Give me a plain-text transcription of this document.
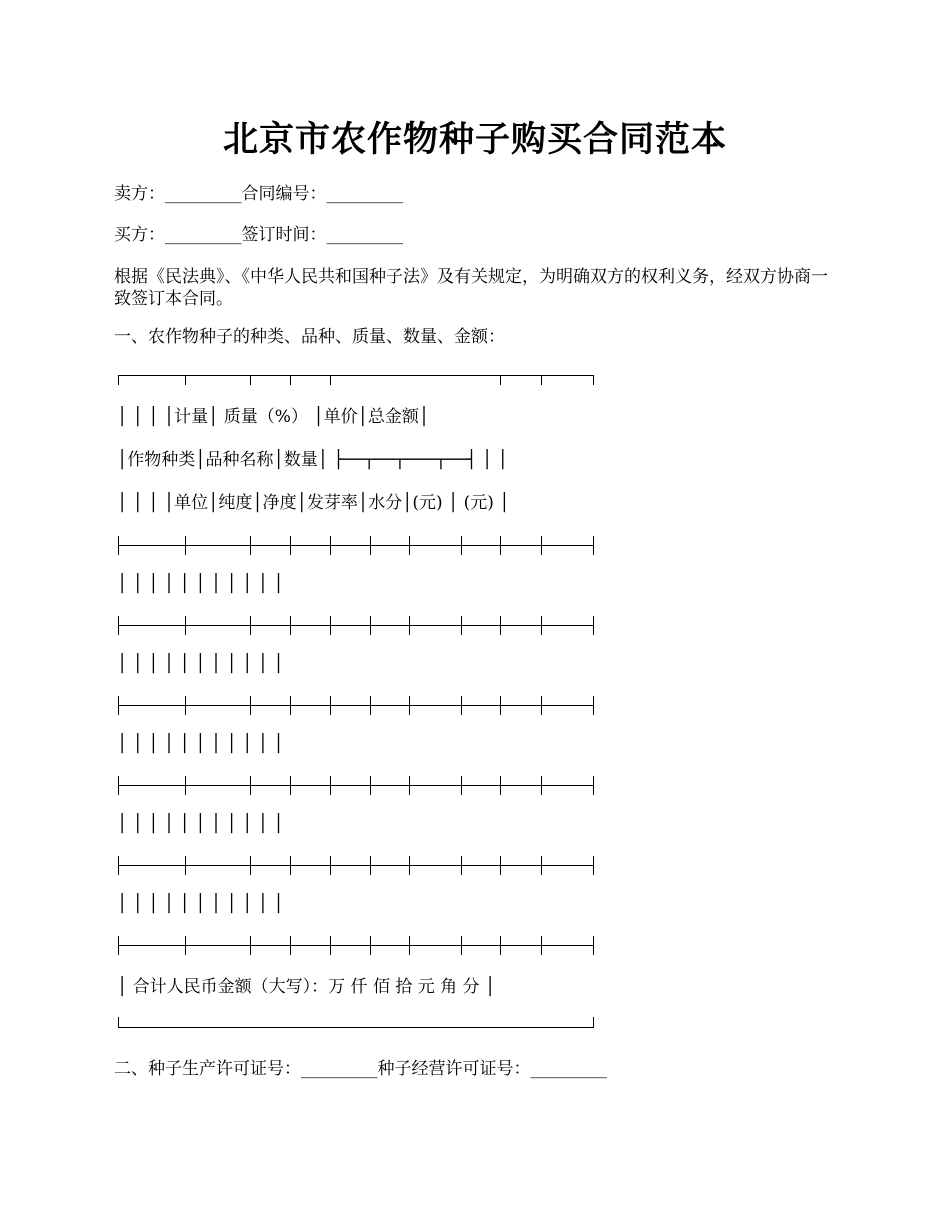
北京市农作物种子购买合同范本
卖方：_________合同编号：_________
买方：_________签订时间：_________
根据《民法典》、《中华人民共和国种子法》及有关规定，为明确双方的权利义务，经双方协商一致签订本合同。
一、农作物种子的种类、品种、质量、数量、金额：
│ │ │ │计量│ 质量（%） │单价│总金额│
│作物种类│品种名称│数量│ ├──┬──┬───┬──┤ │ │
│ │ │ │单位│纯度│净度│发芽率│水分│(元) │ (元) │
│ │ │ │ │ │ │ │ │ │ │
│ │ │ │ │ │ │ │ │ │ │
│ │ │ │ │ │ │ │ │ │ │
│ │ │ │ │ │ │ │ │ │ │
│ │ │ │ │ │ │ │ │ │ │
│ 合计人民币金额（大写）：万 仟 佰 拾 元 角 分 │
二、种子生产许可证号：_________种子经营许可证号：_________
